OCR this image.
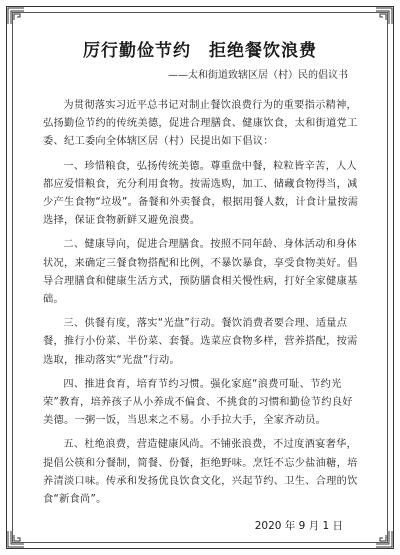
厉行勤俭节约　拒绝餐饮浪费
——太和街道致辖区居（村）民的倡议书

为贯彻落实习近平总书记对制止餐饮浪费行为的重要指示精神，弘扬勤俭节约的传统美德，促进合理膳食、健康饮食，太和街道党工委、纪工委向全体辖区居（村）民提出如下倡议：

一、珍惜粮食，弘扬传统美德。尊重盘中餐，粒粒皆辛苦，人人都应爱惜粮食，充分利用食物。按需选购，加工、储藏食物得当，减少产生食物“垃圾”。备餐和外卖餐食，根据用餐人数，计食计量按需选择，保证食物新鲜又避免浪费。

二、健康导向，促进合理膳食。按照不同年龄、身体活动和身体状况，来确定三餐食物搭配和比例，不暴饮暴食，享受食物美好。倡导合理膳食和健康生活方式，预防膳食相关慢性病，打好全家健康基础。

三、供餐有度，落实“光盘”行动。餐饮消费者要合理、适量点餐，推行小份菜、半份菜、套餐。选菜应食物多样，营养搭配，按需选取，推动落实“光盘”行动。

四、推进食育，培育节约习惯。强化家庭“浪费可耻、节约光荣”教育，培养孩子从小养成不偏食、不挑食的习惯和勤俭节约良好美德。一粥一饭，当思来之不易。小手拉大手，全家齐动员。

五、杜绝浪费，营造健康风尚。不铺张浪费，不过度酒宴奢华，提倡公筷和分餐制，简餐、份餐，拒绝野味。烹饪不忘少盐油糖，培养清淡口味。传承和发扬优良饮食文化，兴起节约、卫生、合理的饮食“新食尚”。

2020 年 9 月 1 日
